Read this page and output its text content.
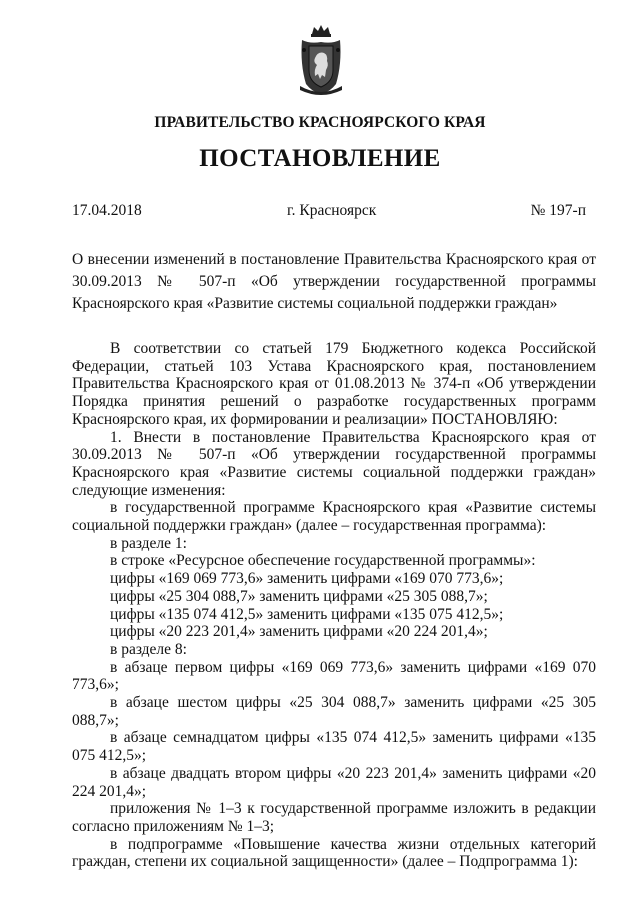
ПРАВИТЕЛЬСТВО КРАСНОЯРСКОГО КРАЯ
ПОСТАНОВЛЕНИЕ
17.04.2018	г. Красноярск	№ 197-п
О внесении изменений в постановление Правительства Красноярского края от 30.09.2013 № 507-п «Об утверждении государственной программы Красноярского края «Развитие системы социальной поддержки граждан»

В соответствии со статьей 179 Бюджетного кодекса Российской Федерации, статьей 103 Устава Красноярского края, постановлением Правительства Красноярского края от 01.08.2013 № 374-п «Об утверждении Порядка принятия решений о разработке государственных программ Красноярского края, их формировании и реализации» ПОСТАНОВЛЯЮ:

1. Внести в постановление Правительства Красноярского края от 30.09.2013 № 507-п «Об утверждении государственной программы Красноярского края «Развитие системы социальной поддержки граждан» следующие изменения:

в государственной программе Красноярского края «Развитие системы социальной поддержки граждан» (далее – государственная программа):

в разделе 1:

в строке «Ресурсное обеспечение государственной программы»:

цифры «169 069 773,6» заменить цифрами «169 070 773,6»;

цифры «25 304 088,7» заменить цифрами «25 305 088,7»;

цифры «135 074 412,5» заменить цифрами «135 075 412,5»;

цифры «20 223 201,4» заменить цифрами «20 224 201,4»;

в разделе 8:

в абзаце первом цифры «169 069 773,6» заменить цифрами «169 070 773,6»;

в абзаце шестом цифры «25 304 088,7» заменить цифрами «25 305 088,7»;

в абзаце семнадцатом цифры «135 074 412,5» заменить цифрами «135 075 412,5»;

в абзаце двадцать втором цифры «20 223 201,4» заменить цифрами «20 224 201,4»;

приложения № 1–3 к государственной программе изложить в редакции согласно приложениям № 1–3;

в подпрограмме «Повышение качества жизни отдельных категорий граждан, степени их социальной защищенности» (далее – Подпрограмма 1):
